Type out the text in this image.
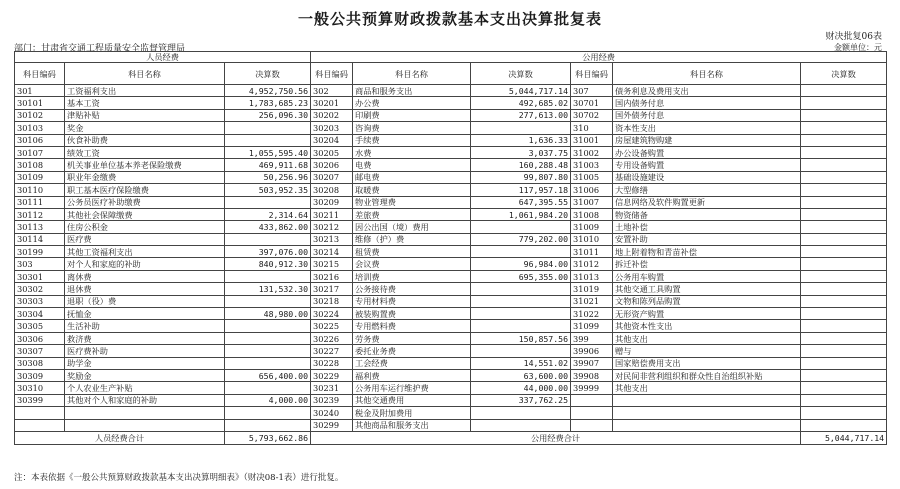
一般公共预算财政拨款基本支出决算批复表
财决批复06表
部门：甘肃省交通工程质量安全监督管理局	金额单位：元
人员经费			公用经费					
科目编码	科目名称	决算数	科目编码	科目名称	决算数	科目编码	科目名称	决算数
301	工资福利支出	4,952,750.56	302	商品和服务支出	5,044,717.14	307	债务利息及费用支出	
30101	基本工资	1,783,685.23	30201	办公费	492,685.02	30701	国内债务付息	
30102	津贴补贴	256,096.30	30202	印刷费	277,613.00	30702	国外债务付息	
30103	奖金		30203	咨询费		310	资本性支出	
30106	伙食补助费		30204	手续费	1,636.33	31001	房屋建筑物购建	
30107	绩效工资	1,055,595.40	30205	水费	3,037.75	31002	办公设备购置	
30108	机关事业单位基本养老保险缴费	469,911.68	30206	电费	160,288.48	31003	专用设备购置	
30109	职业年金缴费	50,256.96	30207	邮电费	99,807.80	31005	基础设施建设	
30110	职工基本医疗保险缴费	503,952.35	30208	取暖费	117,957.18	31006	大型修缮	
30111	公务员医疗补助缴费		30209	物业管理费	647,395.55	31007	信息网络及软件购置更新	
30112	其他社会保障缴费	2,314.64	30211	差旅费	1,061,984.20	31008	物资储备	
30113	住房公积金	433,862.00	30212	因公出国（境）费用		31009	土地补偿	
30114	医疗费		30213	维修（护）费	779,202.00	31010	安置补助	
30199	其他工资福利支出	397,076.00	30214	租赁费		31011	地上附着物和青苗补偿	
303	对个人和家庭的补助	840,912.30	30215	会议费	96,984.00	31012	拆迁补偿	
30301	离休费		30216	培训费	695,355.00	31013	公务用车购置	
30302	退休费	131,532.30	30217	公务接待费		31019	其他交通工具购置	
30303	退职（役）费		30218	专用材料费		31021	文物和陈列品购置	
30304	抚恤金	48,980.00	30224	被装购置费		31022	无形资产购置	
30305	生活补助		30225	专用燃料费		31099	其他资本性支出	
30306	救济费		30226	劳务费	150,857.56	399	其他支出	
30307	医疗费补助		30227	委托业务费		39906	赠与	
30308	助学金		30228	工会经费	14,551.02	39907	国家赔偿费用支出	
30309	奖励金	656,400.00	30229	福利费	63,600.00	39908	对民间非营利组织和群众性自治组织补贴	
30310	个人农业生产补贴		30231	公务用车运行维护费	44,000.00	39999	其他支出	
30399	其他对个人和家庭的补助	4,000.00	30239	其他交通费用	337,762.25			
			30240	税金及附加费用				
			30299	其他商品和服务支出				
人员经费合计		5,793,662.86	公用经费合计					5,044,717.14
注：本表依据《一般公共预算财政拨款基本支出决算明细表》（财决08-1表）进行批复。
